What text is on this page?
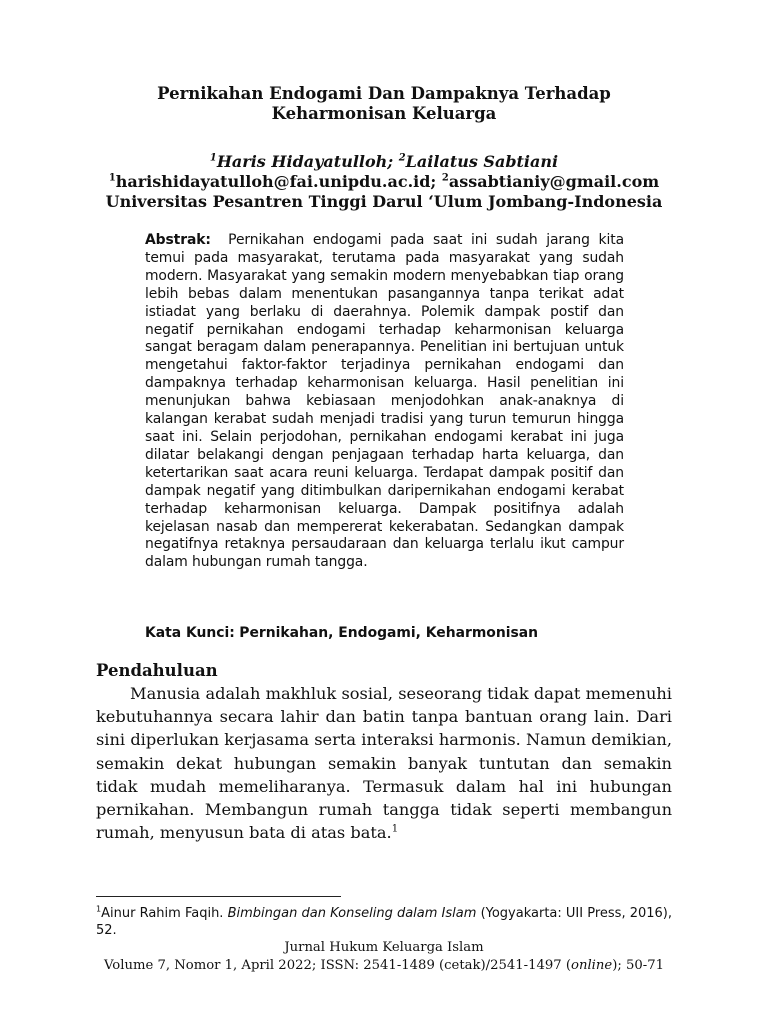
Pernikahan Endogami Dan Dampaknya Terhadap
Keharmonisan Keluarga
$^1$Haris Hidayatulloh; $^2$Lailatus Sabtiani
$^1$harishidayatulloh@fai.unipdu.ac.id; $^2$assabtianiy@gmail.com
Universitas Pesantren Tinggi Darul ‘Ulum Jombang-Indonesia
Abstrak: Pernikahan endogami pada saat ini sudah jarang kita temui pada masyarakat, terutama pada masyarakat yang sudah modern. Masyarakat yang semakin modern menyebabkan tiap orang lebih bebas dalam menentukan pasangannya tanpa terikat adat istiadat yang berlaku di daerahnya. Polemik dampak postif dan negatif pernikahan endogami terhadap keharmonisan keluarga sangat beragam dalam penerapannya. Penelitian ini bertujuan untuk mengetahui faktor-faktor terjadinya pernikahan endogami dan dampaknya terhadap keharmonisan keluarga. Hasil penelitian ini menunjukan bahwa kebiasaan menjodohkan anak-anaknya di kalangan kerabat sudah menjadi tradisi yang turun temurun hingga saat ini. Selain perjodohan, pernikahan endogami kerabat ini juga dilatar belakangi dengan penjagaan terhadap harta keluarga, dan ketertarikan saat acara reuni keluarga. Terdapat dampak positif dan dampak negatif yang ditimbulkan daripernikahan endogami kerabat terhadap keharmonisan keluarga. Dampak positifnya adalah kejelasan nasab dan mempererat kekerabatan. Sedangkan dampak negatifnya retaknya persaudaraan dan keluarga terlalu ikut campur dalam hubungan rumah tangga.
Kata Kunci: Pernikahan, Endogami, Keharmonisan
Pendahuluan
Manusia adalah makhluk sosial, seseorang tidak dapat memenuhi kebutuhannya secara lahir dan batin tanpa bantuan orang lain. Dari sini diperlukan kerjasama serta interaksi harmonis. Namun demikian, semakin dekat hubungan semakin banyak tuntutan dan semakin tidak mudah memeliharanya. Termasuk dalam hal ini hubungan pernikahan. Membangun rumah tangga tidak seperti membangun rumah, menyusun bata di atas bata.$^1$
$^1$Ainur Rahim Faqih. Bimbingan dan Konseling dalam Islam (Yogyakarta: UII Press, 2016), 52.
Jurnal Hukum Keluarga Islam
Volume 7, Nomor 1, April 2022; ISSN: 2541-1489 (cetak)/2541-1497 (online); 50-71
